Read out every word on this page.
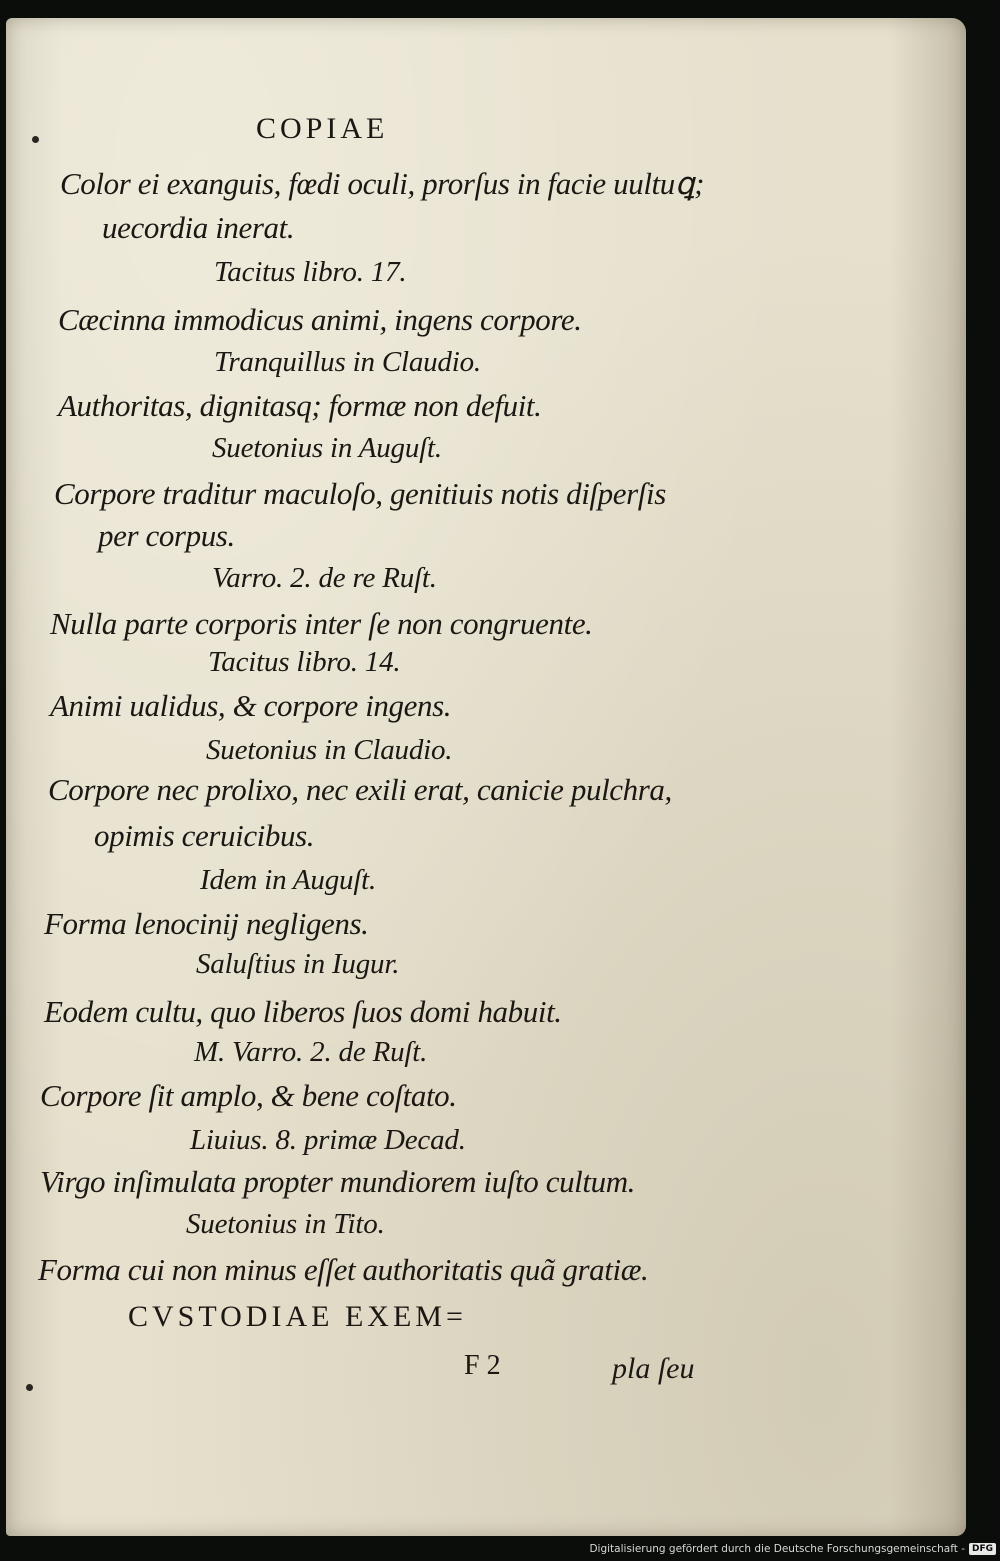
COPIAE
Color ei exanguis, fœdi oculi, prorſus in facie uultuꝗ;
uecordia inerat.
Tacitus libro. 17.
Cæcinna immodicus animi, ingens corpore.
Tranquillus in Claudio.
Authoritas, dignitasq; formæ non defuit.
Suetonius in Auguſt.
Corpore traditur maculoſo, genitiuis notis diſperſis
per corpus.
Varro. 2. de re Ruſt.
Nulla parte corporis inter ſe non congruente.
Tacitus libro. 14.
Animi ualidus, & corpore ingens.
Suetonius in Claudio.
Corpore nec prolixo, nec exili erat, canicie pulchra,
opimis ceruicibus.
Idem in Auguſt.
Forma lenocinij negligens.
Saluſtius in Iugur.
Eodem cultu, quo liberos ſuos domi habuit.
M. Varro. 2. de Ruſt.
Corpore ſit amplo, & bene coſtato.
Liuius. 8. primæ Decad.
Virgo inſimulata propter mundiorem iuſto cultum.
Suetonius in Tito.
Forma cui non minus eſſet authoritatis quã gratiæ.
CVSTODIAE EXEM=
F 2	pla ſeu
Digitalisierung gefördert durch die Deutsche Forschungsgemeinschaft - DFG
